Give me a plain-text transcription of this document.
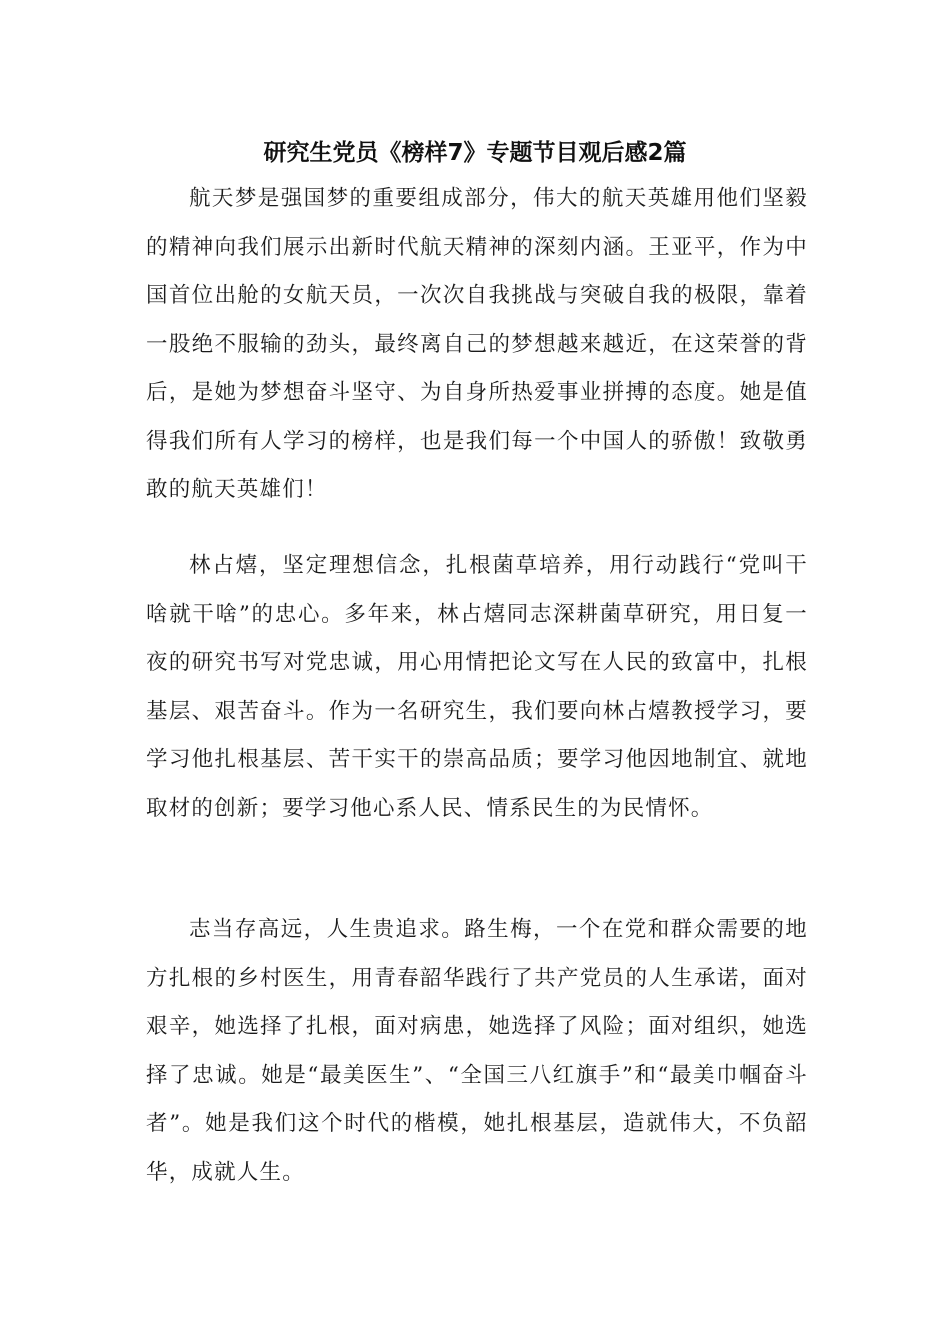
研究生党员《榜样7》专题节目观后感2篇

航天梦是强国梦的重要组成部分，伟大的航天英雄用他们坚毅的精神向我们展示出新时代航天精神的深刻内涵。王亚平，作为中国首位出舱的女航天员，一次次自我挑战与突破自我的极限，靠着一股绝不服输的劲头，最终离自己的梦想越来越近，在这荣誉的背后，是她为梦想奋斗坚守、为自身所热爱事业拼搏的态度。她是值得我们所有人学习的榜样，也是我们每一个中国人的骄傲！致敬勇敢的航天英雄们！

林占熺，坚定理想信念，扎根菌草培养，用行动践行“党叫干啥就干啥”的忠心。多年来，林占熺同志深耕菌草研究，用日复一夜的研究书写对党忠诚，用心用情把论文写在人民的致富中，扎根基层、艰苦奋斗。作为一名研究生，我们要向林占熺教授学习，要学习他扎根基层、苦干实干的崇高品质；要学习他因地制宜、就地取材的创新；要学习他心系人民、情系民生的为民情怀。

志当存高远，人生贵追求。路生梅，一个在党和群众需要的地方扎根的乡村医生，用青春韶华践行了共产党员的人生承诺，面对艰辛，她选择了扎根，面对病患，她选择了风险；面对组织，她选择了忠诚。她是“最美医生”、“全国三八红旗手”和“最美巾帼奋斗者”。她是我们这个时代的楷模，她扎根基层，造就伟大，不负韶华，成就人生。
